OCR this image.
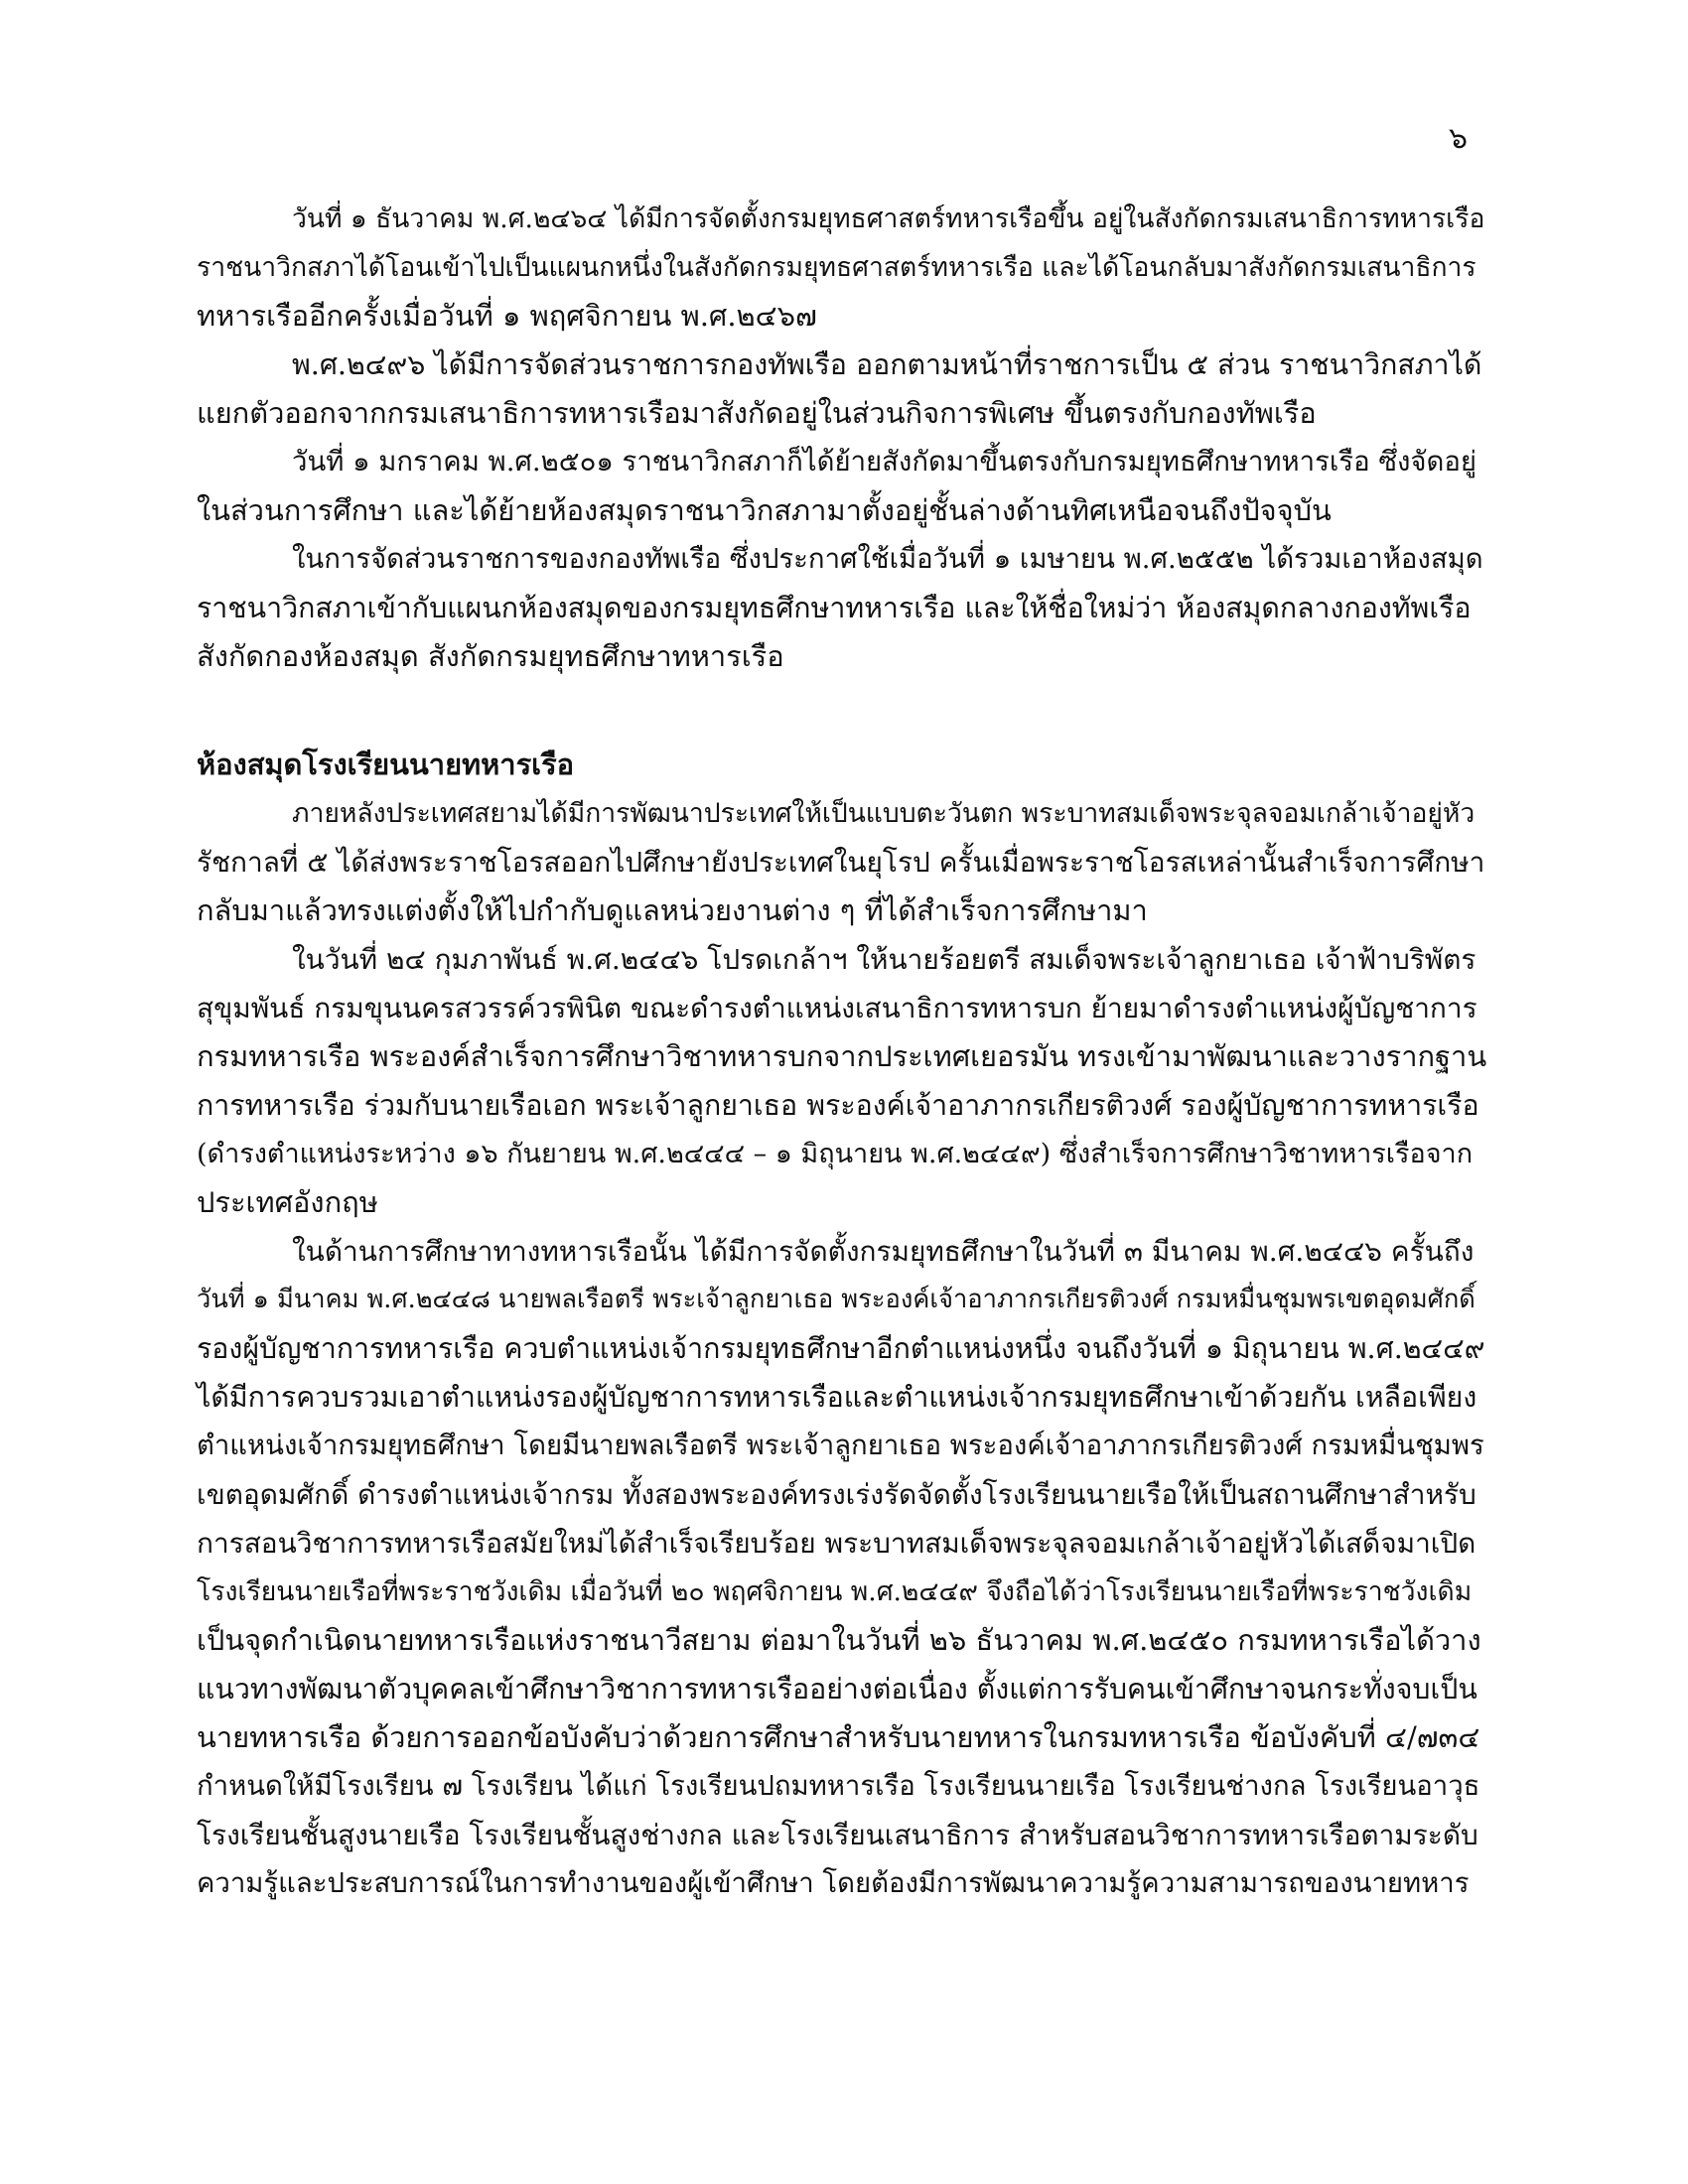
๖
วันที่ ๑ ธันวาคม พ.ศ.๒๔๖๔ ได้มีการจัดตั้งกรมยุทธศาสตร์ทหารเรือขึ้น อยู่ในสังกัดกรมเสนาธิการทหารเรือ
ราชนาวิกสภาได้โอนเข้าไปเป็นแผนกหนึ่งในสังกัดกรมยุทธศาสตร์ทหารเรือ และได้โอนกลับมาสังกัดกรมเสนาธิการ
ทหารเรืออีกครั้งเมื่อวันที่ ๑ พฤศจิกายน พ.ศ.๒๔๖๗
พ.ศ.๒๔๙๖ ได้มีการจัดส่วนราชการกองทัพเรือ ออกตามหน้าที่ราชการเป็น ๕ ส่วน ราชนาวิกสภาได้
แยกตัวออกจากกรมเสนาธิการทหารเรือมาสังกัดอยู่ในส่วนกิจการพิเศษ ขึ้นตรงกับกองทัพเรือ
วันที่ ๑ มกราคม พ.ศ.๒๕๐๑ ราชนาวิกสภาก็ได้ย้ายสังกัดมาขึ้นตรงกับกรมยุทธศึกษาทหารเรือ ซึ่งจัดอยู่
ในส่วนการศึกษา และได้ย้ายห้องสมุดราชนาวิกสภามาตั้งอยู่ชั้นล่างด้านทิศเหนือจนถึงปัจจุบัน
ในการจัดส่วนราชการของกองทัพเรือ ซึ่งประกาศใช้เมื่อวันที่ ๑ เมษายน พ.ศ.๒๕๕๒ ได้รวมเอาห้องสมุด
ราชนาวิกสภาเข้ากับแผนกห้องสมุดของกรมยุทธศึกษาทหารเรือ และให้ชื่อใหม่ว่า ห้องสมุดกลางกองทัพเรือ
สังกัดกองห้องสมุด สังกัดกรมยุทธศึกษาทหารเรือ
ห้องสมุดโรงเรียนนายทหารเรือ
ภายหลังประเทศสยามได้มีการพัฒนาประเทศให้เป็นแบบตะวันตก พระบาทสมเด็จพระจุลจอมเกล้าเจ้าอยู่หัว
รัชกาลที่ ๕ ได้ส่งพระราชโอรสออกไปศึกษายังประเทศในยุโรป ครั้นเมื่อพระราชโอรสเหล่านั้นสำเร็จการศึกษา
กลับมาแล้วทรงแต่งตั้งให้ไปกำกับดูแลหน่วยงานต่าง ๆ ที่ได้สำเร็จการศึกษามา
ในวันที่ ๒๔ กุมภาพันธ์ พ.ศ.๒๔๔๖ โปรดเกล้าฯ ให้นายร้อยตรี สมเด็จพระเจ้าลูกยาเธอ เจ้าฟ้าบริพัตร
สุขุมพันธ์ กรมขุนนครสวรรค์วรพินิต ขณะดำรงตำแหน่งเสนาธิการทหารบก ย้ายมาดำรงตำแหน่งผู้บัญชาการ
กรมทหารเรือ พระองค์สำเร็จการศึกษาวิชาทหารบกจากประเทศเยอรมัน ทรงเข้ามาพัฒนาและวางรากฐาน
การทหารเรือ ร่วมกับนายเรือเอก พระเจ้าลูกยาเธอ พระองค์เจ้าอาภากรเกียรติวงศ์ รองผู้บัญชาการทหารเรือ
(ดำรงตำแหน่งระหว่าง ๑๖ กันยายน พ.ศ.๒๔๔๔ – ๑ มิถุนายน พ.ศ.๒๔๔๙) ซึ่งสำเร็จการศึกษาวิชาทหารเรือจาก
ประเทศอังกฤษ
ในด้านการศึกษาทางทหารเรือนั้น ได้มีการจัดตั้งกรมยุทธศึกษาในวันที่ ๓ มีนาคม พ.ศ.๒๔๔๖ ครั้นถึง
วันที่ ๑ มีนาคม พ.ศ.๒๔๔๘ นายพลเรือตรี พระเจ้าลูกยาเธอ พระองค์เจ้าอาภากรเกียรติวงศ์ กรมหมื่นชุมพรเขตอุดมศักดิ์
รองผู้บัญชาการทหารเรือ ควบตำแหน่งเจ้ากรมยุทธศึกษาอีกตำแหน่งหนึ่ง จนถึงวันที่ ๑ มิถุนายน พ.ศ.๒๔๔๙
ได้มีการควบรวมเอาตำแหน่งรองผู้บัญชาการทหารเรือและตำแหน่งเจ้ากรมยุทธศึกษาเข้าด้วยกัน เหลือเพียง
ตำแหน่งเจ้ากรมยุทธศึกษา โดยมีนายพลเรือตรี พระเจ้าลูกยาเธอ พระองค์เจ้าอาภากรเกียรติวงศ์ กรมหมื่นชุมพร
เขตอุดมศักดิ์ ดำรงตำแหน่งเจ้ากรม ทั้งสองพระองค์ทรงเร่งรัดจัดตั้งโรงเรียนนายเรือให้เป็นสถานศึกษาสำหรับ
การสอนวิชาการทหารเรือสมัยใหม่ได้สำเร็จเรียบร้อย พระบาทสมเด็จพระจุลจอมเกล้าเจ้าอยู่หัวได้เสด็จมาเปิด
โรงเรียนนายเรือที่พระราชวังเดิม เมื่อวันที่ ๒๐ พฤศจิกายน พ.ศ.๒๔๔๙ จึงถือได้ว่าโรงเรียนนายเรือที่พระราชวังเดิม
เป็นจุดกำเนิดนายทหารเรือแห่งราชนาวีสยาม ต่อมาในวันที่ ๒๖ ธันวาคม พ.ศ.๒๔๕๐ กรมทหารเรือได้วาง
แนวทางพัฒนาตัวบุคคลเข้าศึกษาวิชาการทหารเรืออย่างต่อเนื่อง ตั้งแต่การรับคนเข้าศึกษาจนกระทั่งจบเป็น
นายทหารเรือ ด้วยการออกข้อบังคับว่าด้วยการศึกษาสำหรับนายทหารในกรมทหารเรือ ข้อบังคับที่ ๔/๗๓๔
กำหนดให้มีโรงเรียน ๗ โรงเรียน ได้แก่ โรงเรียนปถมทหารเรือ โรงเรียนนายเรือ โรงเรียนช่างกล โรงเรียนอาวุธ
โรงเรียนชั้นสูงนายเรือ โรงเรียนชั้นสูงช่างกล และโรงเรียนเสนาธิการ สำหรับสอนวิชาการทหารเรือตามระดับ
ความรู้และประสบการณ์ในการทำงานของผู้เข้าศึกษา โดยต้องมีการพัฒนาความรู้ความสามารถของนายทหาร
